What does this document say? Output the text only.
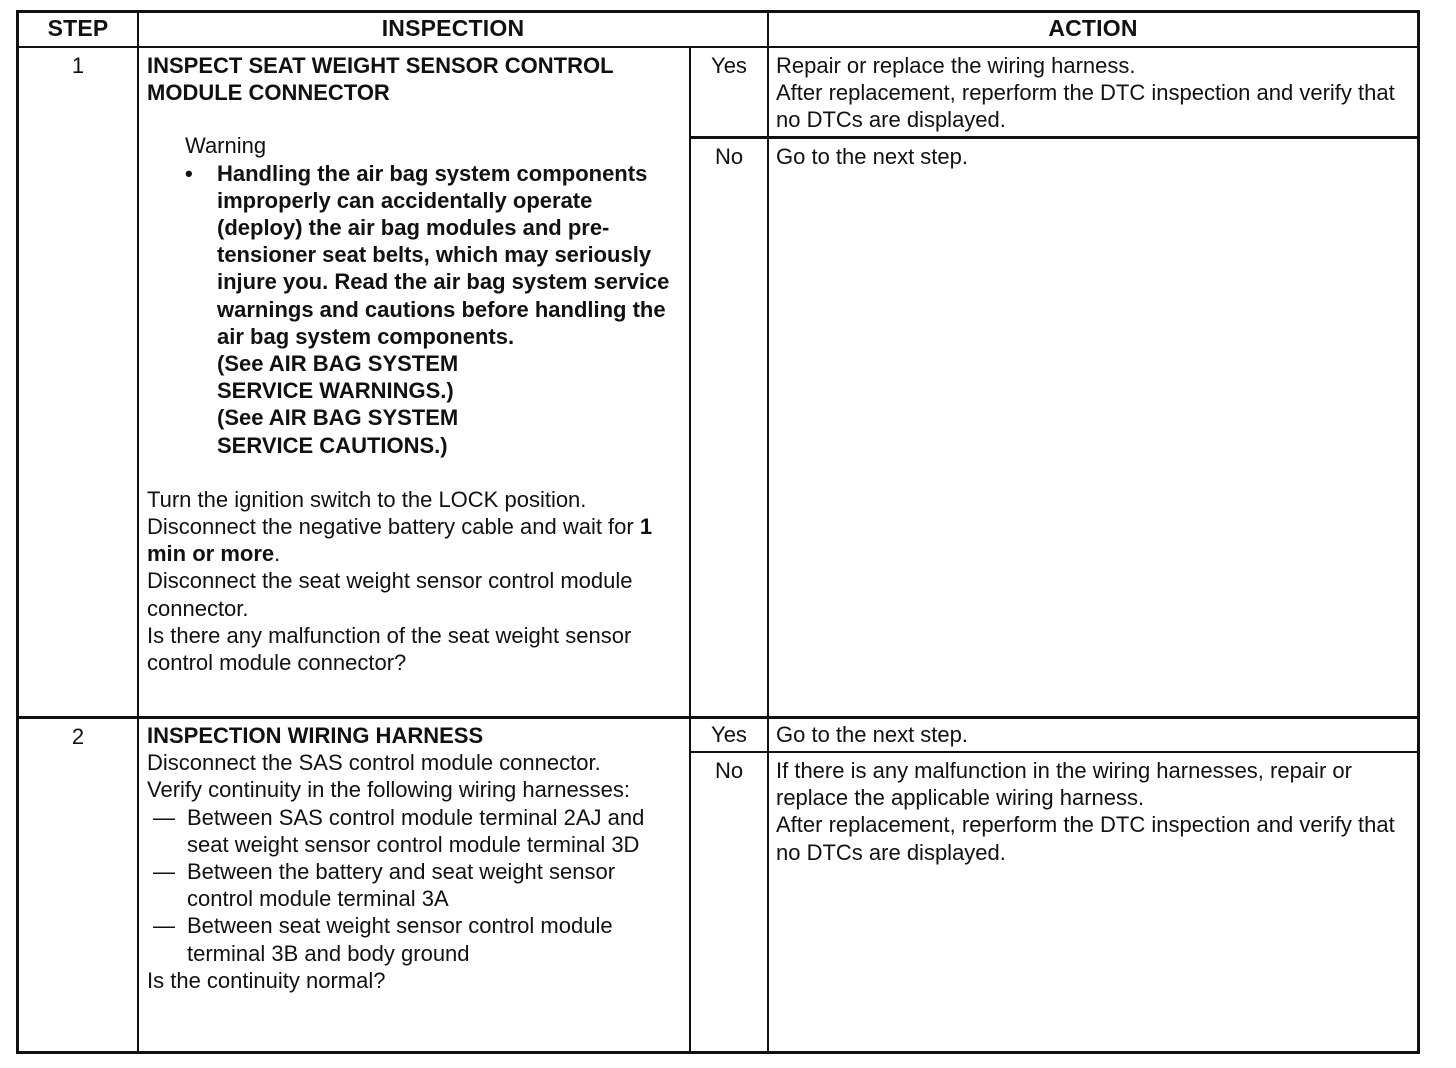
STEP	INSPECTION	ACTION
1	INSPECT SEAT WEIGHT SENSOR CONTROL MODULE CONNECTOR

Warning

•	Handling the air bag system components improperly can accidentally operate (deploy) the air bag modules and pre-tensioner seat belts, which may seriously injure you. Read the air bag system service warnings and cautions before handling the air bag system components.

(See AIR BAG SYSTEM

SERVICE WARNINGS.)

(See AIR BAG SYSTEM

SERVICE CAUTIONS.)

Turn the ignition switch to the LOCK position.

Disconnect the negative battery cable and wait for 1 min or more.

Disconnect the seat weight sensor control module connector.

Is there any malfunction of the seat weight sensor control module connector?

Yes	Repair or replace the wiring harness.

After replacement, reperform the DTC inspection and verify that no DTCs are displayed.

No	Go to the next step.

2	INSPECTION WIRING HARNESS

Disconnect the SAS control module connector.

Verify continuity in the following wiring harnesses:

— Between SAS control module terminal 2AJ and seat weight sensor control module terminal 3D
— Between the battery and seat weight sensor control module terminal 3A
— Between seat weight sensor control module terminal 3B and body ground

Is the continuity normal?

Yes	Go to the next step.

No	If there is any malfunction in the wiring harnesses, repair or replace the applicable wiring harness.

After replacement, reperform the DTC inspection and verify that no DTCs are displayed.
